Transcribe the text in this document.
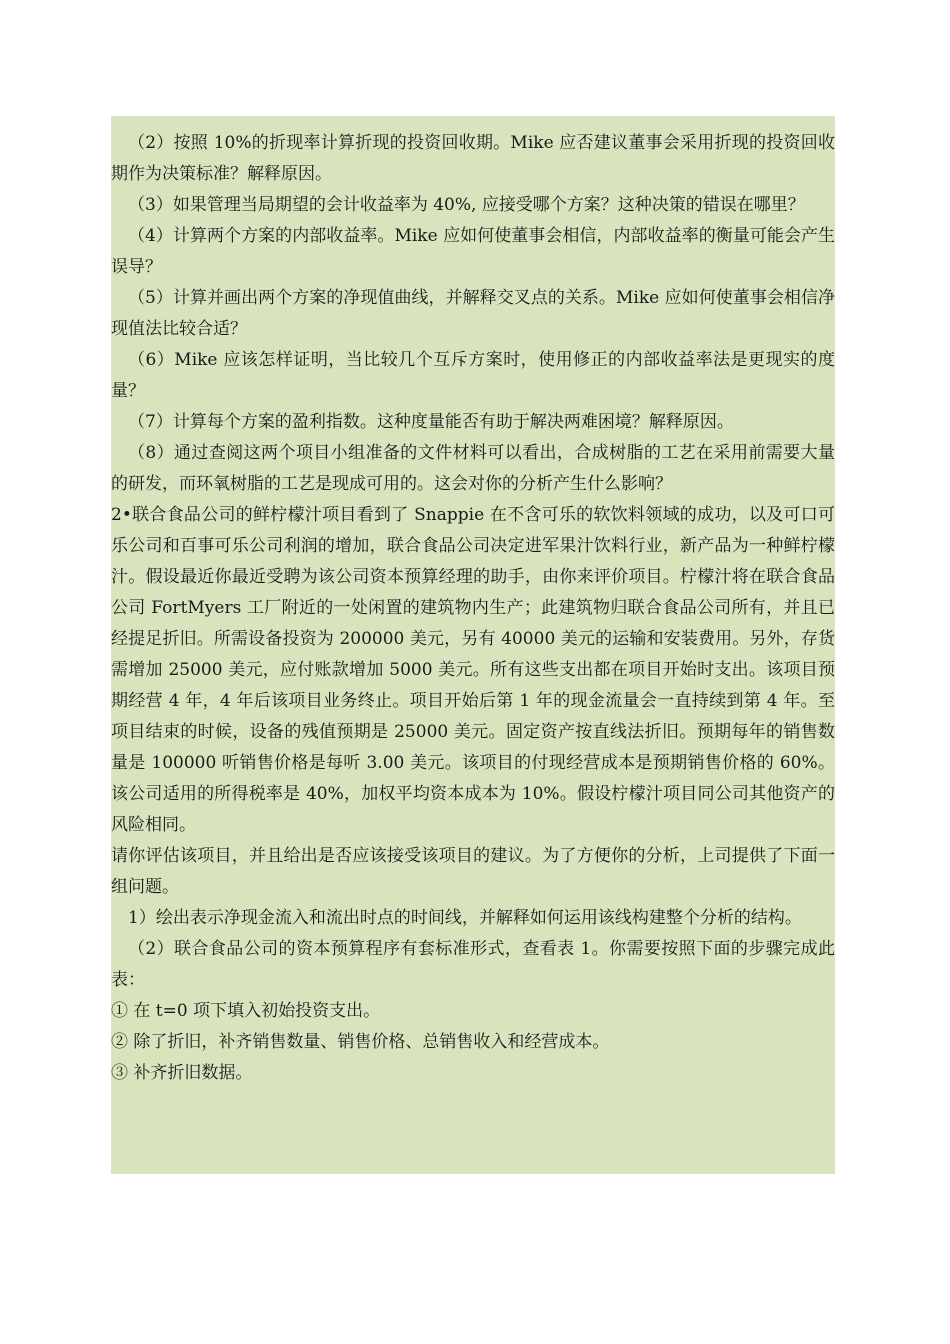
（2）按照 10%的折现率计算折现的投资回收期。Mike 应否建议董事会采用折现的投资回收期作为决策标准？解释原因。

（3）如果管理当局期望的会计收益率为 40%, 应接受哪个方案？这种决策的错误在哪里？

（4）计算两个方案的内部收益率。Mike 应如何使董事会相信，内部收益率的衡量可能会产生误导？

（5）计算并画出两个方案的净现值曲线，并解释交叉点的关系。Mike 应如何使董事会相信净现值法比较合适？

（6）Mike 应该怎样证明，当比较几个互斥方案时，使用修正的内部收益率法是更现实的度量？

（7）计算每个方案的盈利指数。这种度量能否有助于解决两难困境？解释原因。

（8）通过查阅这两个项目小组准备的文件材料可以看出，合成树脂的工艺在采用前需要大量的研发，而环氧树脂的工艺是现成可用的。这会对你的分析产生什么影响？

2•联合食品公司的鲜柠檬汁项目看到了 Snappie 在不含可乐的软饮料领域的成功，以及可口可乐公司和百事可乐公司利润的增加，联合食品公司决定进军果汁饮料行业，新产品为一种鲜柠檬汁。假设最近你最近受聘为该公司资本预算经理的助手，由你来评价项目。柠檬汁将在联合食品公司 FortMyers 工厂附近的一处闲置的建筑物内生产；此建筑物归联合食品公司所有，并且已经提足折旧。所需设备投资为 200000 美元，另有 40000 美元的运输和安装费用。另外，存货需增加 25000 美元，应付账款增加 5000 美元。所有这些支出都在项目开始时支出。该项目预期经营 4 年，4 年后该项目业务终止。项目开始后第 1 年的现金流量会一直持续到第 4 年。至项目结束的时候，设备的残值预期是 25000 美元。固定资产按直线法折旧。预期每年的销售数量是 100000 听销售价格是每听 3.00 美元。该项目的付现经营成本是预期销售价格的 60%。该公司适用的所得税率是 40%，加权平均资本成本为 10%。假设柠檬汁项目同公司其他资产的风险相同。

请你评估该项目，并且给出是否应该接受该项目的建议。为了方便你的分析，上司提供了下面一组问题。

1）绘出表示净现金流入和流出时点的时间线，并解释如何运用该线构建整个分析的结构。

（2）联合食品公司的资本预算程序有套标准形式，查看表 1。你需要按照下面的步骤完成此表：

① 在 t=0 项下填入初始投资支出。

② 除了折旧，补齐销售数量、销售价格、总销售收入和经营成本。

③ 补齐折旧数据。
